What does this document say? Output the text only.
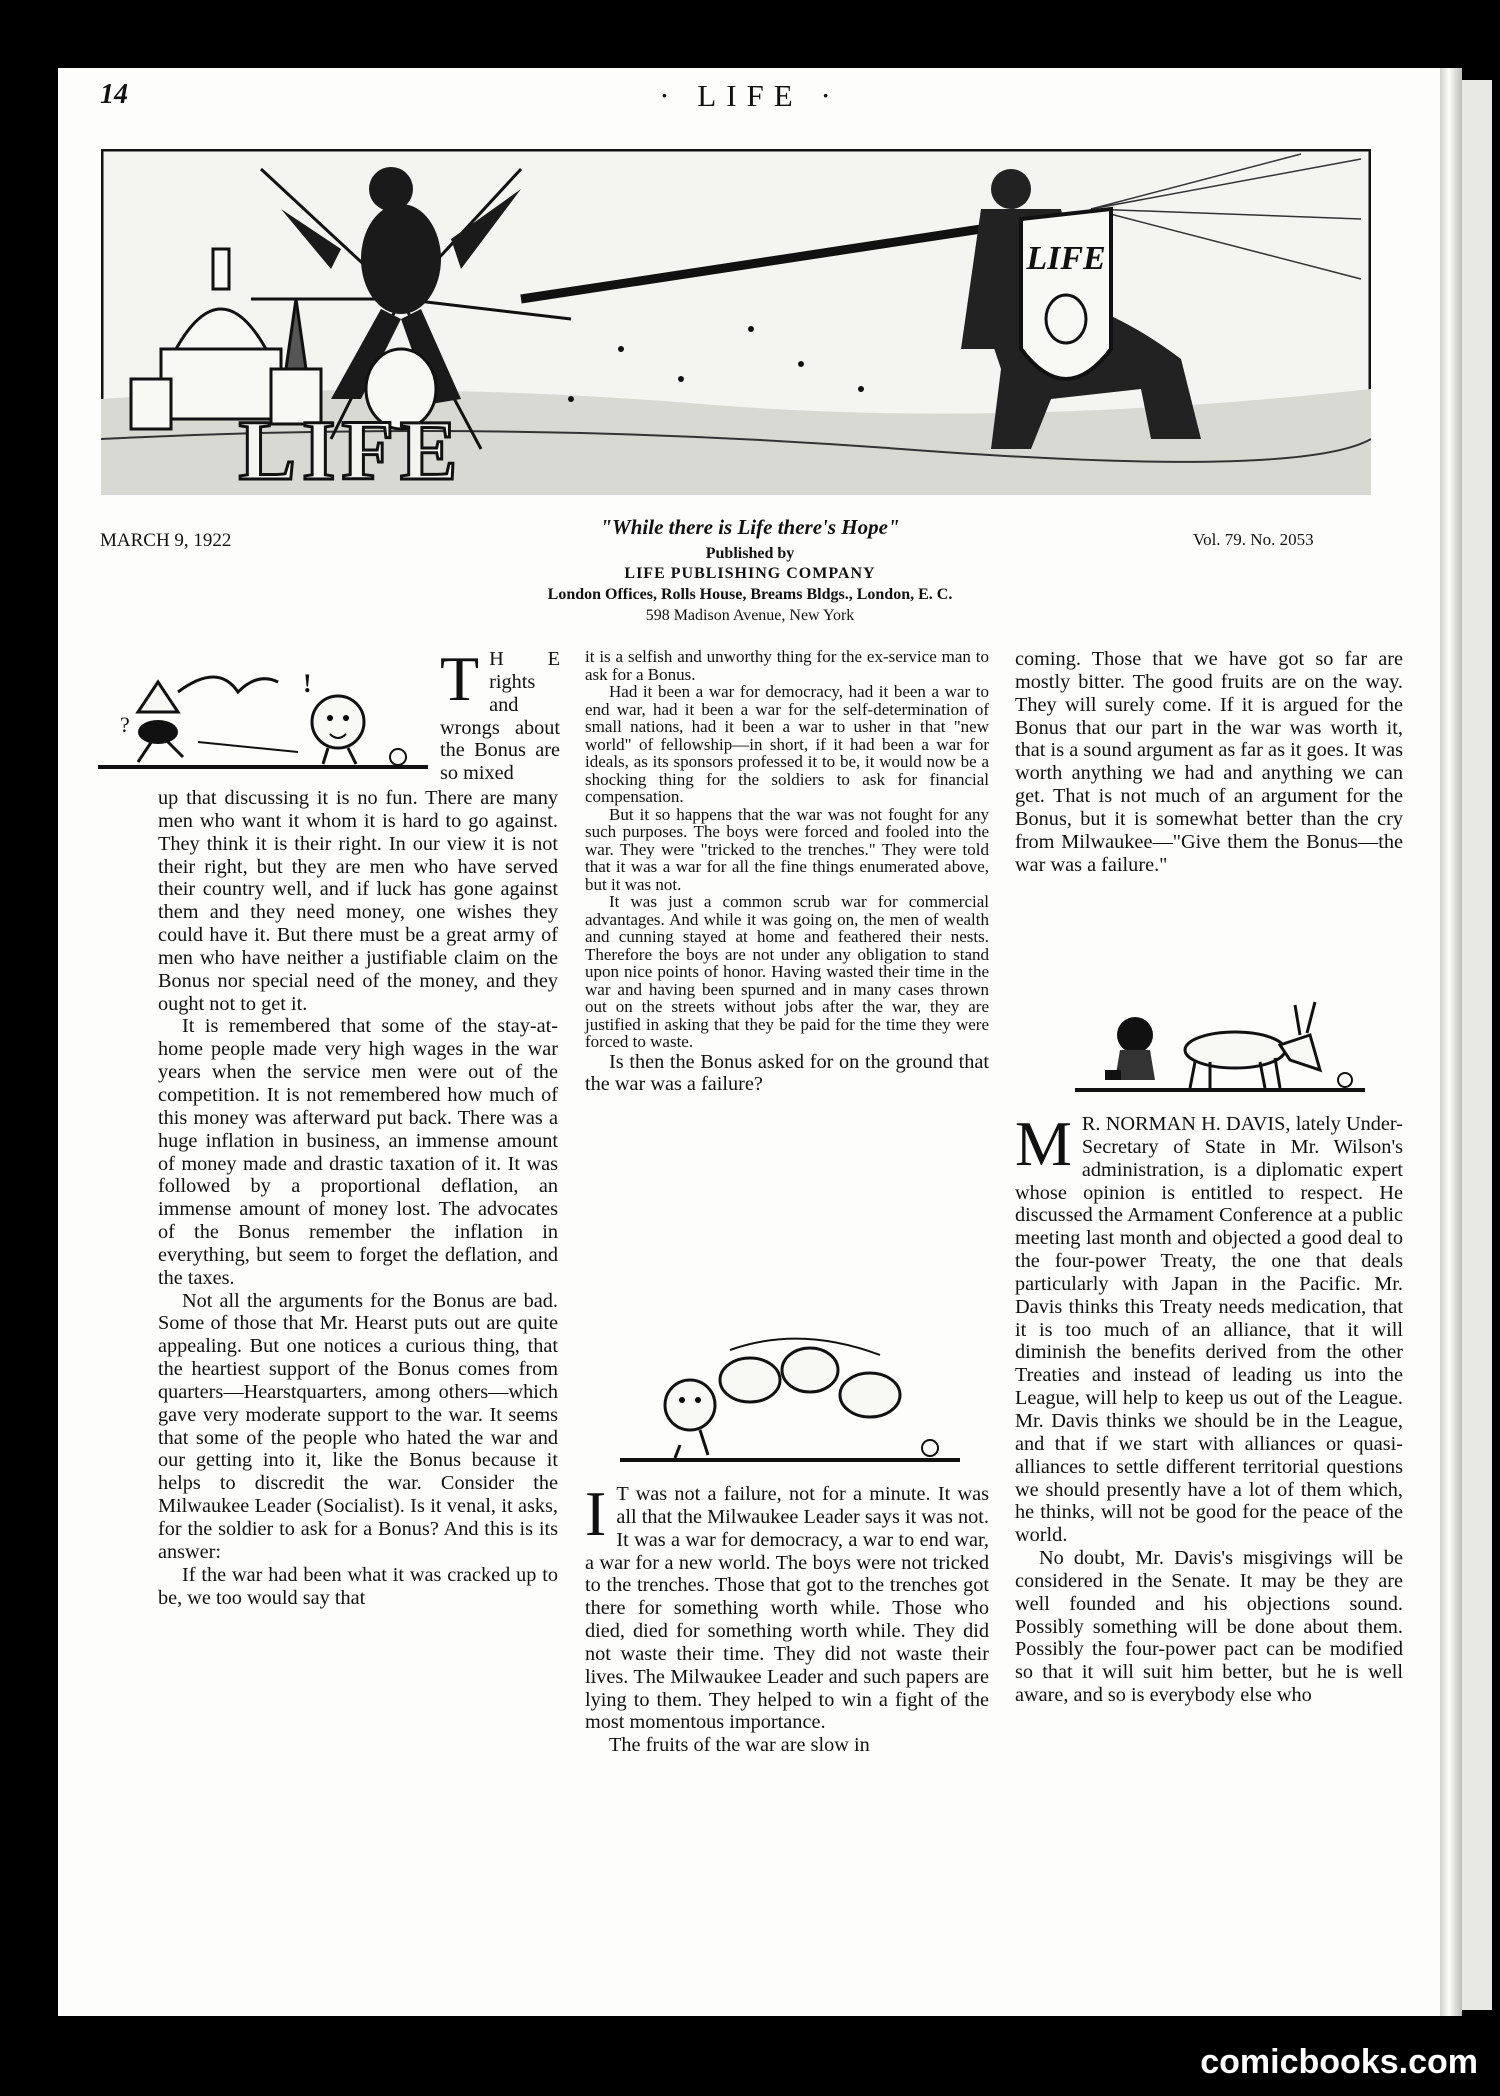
14	· LIFE ·
LIFE
LIFE
MARCH 9, 1922	Vol. 79. No. 2053
"While there is Life there's Hope"
Published by
LIFE PUBLISHING COMPANY
London Offices, Rolls House, Breams Bldgs., London, E. C.
598 Madison Avenue, New York
?
! T H E rights and wrongs about the Bonus are so mixed

up that discussing it is no fun. There are many men who want it whom it is hard to go against. They think it is their right. In our view it is not their right, but they are men who have served their country well, and if luck has gone against them and they need money, one wishes they could have it. But there must be a great army of men who have neither a justifiable claim on the Bonus nor special need of the money, and they ought not to get it.

It is remembered that some of the stay-at-home people made very high wages in the war years when the service men were out of the competition. It is not remembered how much of this money was afterward put back. There was a huge inflation in business, an immense amount of money made and drastic taxation of it. It was followed by a proportional deflation, an immense amount of money lost. The advocates of the Bonus remember the inflation in everything, but seem to forget the deflation, and the taxes.

Not all the arguments for the Bonus are bad. Some of those that Mr. Hearst puts out are quite appealing. But one notices a curious thing, that the heartiest support of the Bonus comes from quarters—Hearstquarters, among others—which gave very moderate support to the war. It seems that some of the people who hated the war and our getting into it, like the Bonus because it helps to discredit the war. Consider the Milwaukee Leader (Socialist). Is it venal, it asks, for the soldier to ask for a Bonus? And this is its answer:

If the war had been what it was cracked up to be, we too would say that

it is a selfish and unworthy thing for the ex-service man to ask for a Bonus.

Had it been a war for democracy, had it been a war to end war, had it been a war for the self-determination of small nations, had it been a war to usher in that "new world" of fellowship—in short, if it had been a war for ideals, as its sponsors professed it to be, it would now be a shocking thing for the soldiers to ask for financial compensation.

But it so happens that the war was not fought for any such purposes. The boys were forced and fooled into the war. They were "tricked to the trenches." They were told that it was a war for all the fine things enumerated above, but it was not.

It was just a common scrub war for commercial advantages. And while it was going on, the men of wealth and cunning stayed at home and feathered their nests. Therefore the boys are not under any obligation to stand upon nice points of honor. Having wasted their time in the war and having been spurned and in many cases thrown out on the streets without jobs after the war, they are justified in asking that they be paid for the time they were forced to waste.

Is then the Bonus asked for on the ground that the war was a failure?

I T was not a failure, not for a minute. It was all that the Milwaukee Leader says it was not. It was a war for democracy, a war to end war, a war for a new world. The boys were not tricked to the trenches. Those that got to the trenches got there for something worth while. Those who died, died for something worth while. They did not waste their time. They did not waste their lives. The Milwaukee Leader and such papers are lying to them. They helped to win a fight of the most momentous importance.

The fruits of the war are slow in

coming. Those that we have got so far are mostly bitter. The good fruits are on the way. They will surely come. If it is argued for the Bonus that our part in the war was worth it, that is a sound argument as far as it goes. It was worth anything we had and anything we can get. That is not much of an argument for the Bonus, but it is somewhat better than the cry from Milwaukee—"Give them the Bonus—the war was a failure."

M R. NORMAN H. DAVIS, lately Under-Secretary of State in Mr. Wilson's administration, is a diplomatic expert whose opinion is entitled to respect. He discussed the Armament Conference at a public meeting last month and objected a good deal to the four-power Treaty, the one that deals particularly with Japan in the Pacific. Mr. Davis thinks this Treaty needs medication, that it is too much of an alliance, that it will diminish the benefits derived from the other Treaties and instead of leading us into the League, will help to keep us out of the League. Mr. Davis thinks we should be in the League, and that if we start with alliances or quasi-alliances to settle different territorial questions we should presently have a lot of them which, he thinks, will not be good for the peace of the world.

No doubt, Mr. Davis's misgivings will be considered in the Senate. It may be they are well founded and his objections sound. Possibly something will be done about them. Possibly the four-power pact can be modified so that it will suit him better, but he is well aware, and so is everybody else who

comicbooks.com
